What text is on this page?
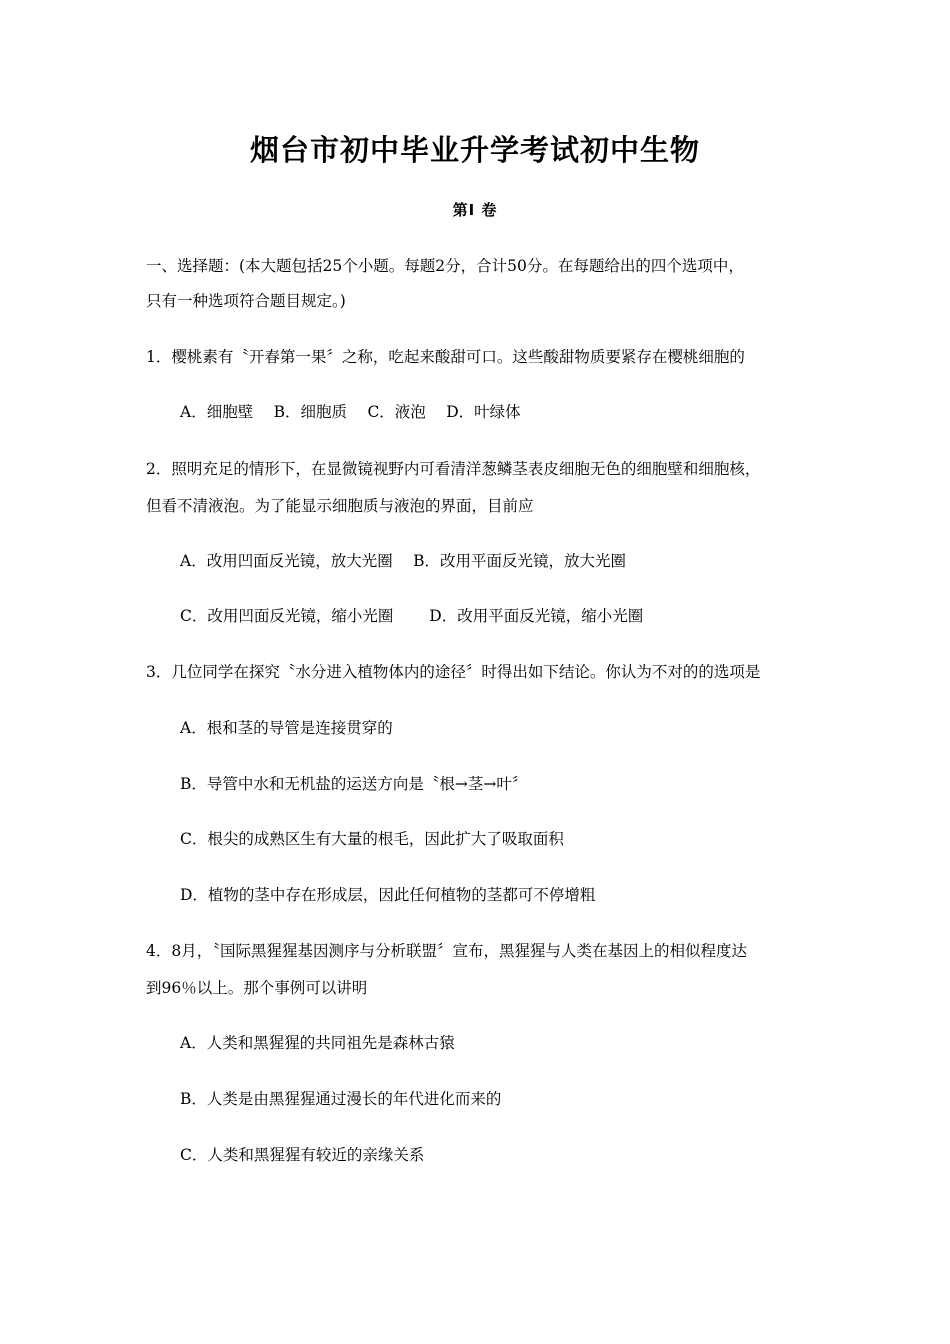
烟台市初中毕业升学考试初中生物
第Ⅰ 卷
一、选择题：(本大题包括25个小题。每题2分，合计50分。在每题给出的四个选项中，
只有一种选项符合题目规定。)
1．樱桃素有〝开春第一果〞之称，吃起来酸甜可口。这些酸甜物质要紧存在樱桃细胞的
A．细胞壁　 B．细胞质　 C．液泡　 D．叶绿体
2．照明充足的情形下，在显微镜视野内可看清洋葱鳞茎表皮细胞无色的细胞壁和细胞核，
但看不清液泡。为了能显示细胞质与液泡的界面，目前应
A．改用凹面反光镜，放大光圈　 B．改用平面反光镜，放大光圈
C．改用凹面反光镜，缩小光圈　　 D．改用平面反光镜，缩小光圈
3．几位同学在探究〝水分进入植物体内的途径〞时得出如下结论。你认为不对的的选项是
A．根和茎的导管是连接贯穿的
B．导管中水和无机盐的运送方向是〝根→茎→叶〞
C．根尖的成熟区生有大量的根毛，因此扩大了吸取面积
D．植物的茎中存在形成层，因此任何植物的茎都可不停增粗
4．8月，〝国际黑猩猩基因测序与分析联盟〞宣布，黑猩猩与人类在基因上的相似程度达
到96％以上。那个事例可以讲明
A．人类和黑猩猩的共同祖先是森林古猿
B．人类是由黑猩猩通过漫长的年代进化而来的
C．人类和黑猩猩有较近的亲缘关系
